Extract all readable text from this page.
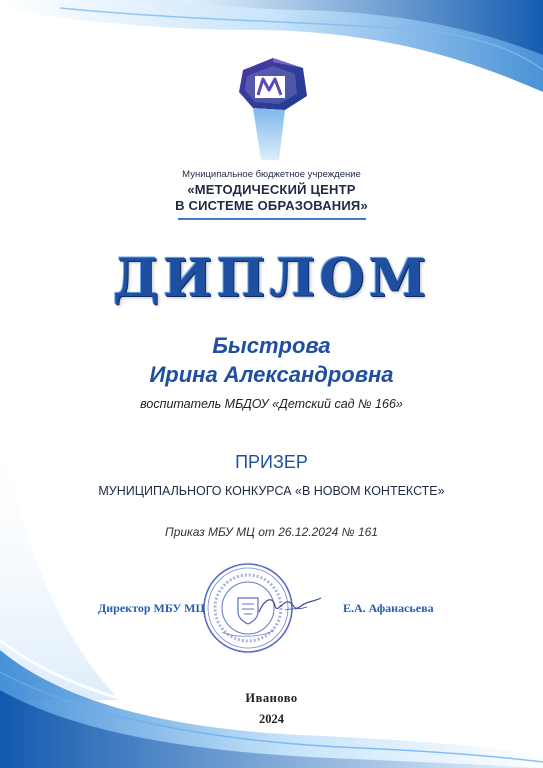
Муниципальное бюджетное учреждение
«МЕТОДИЧЕСКИЙ ЦЕНТР
В СИСТЕМЕ ОБРАЗОВАНИЯ»
ДИПЛОМ
Быстрова
Ирина Александровна
воспитатель МБДОУ «Детский сад № 166»
ПРИЗЕР
МУНИЦИПАЛЬНОГО КОНКУРСА «В НОВОМ КОНТЕКСТЕ»
Приказ МБУ МЦ от 26.12.2024 № 161
Директор МБУ МЦ	Е.А. Афанасьева
Иваново
2024
